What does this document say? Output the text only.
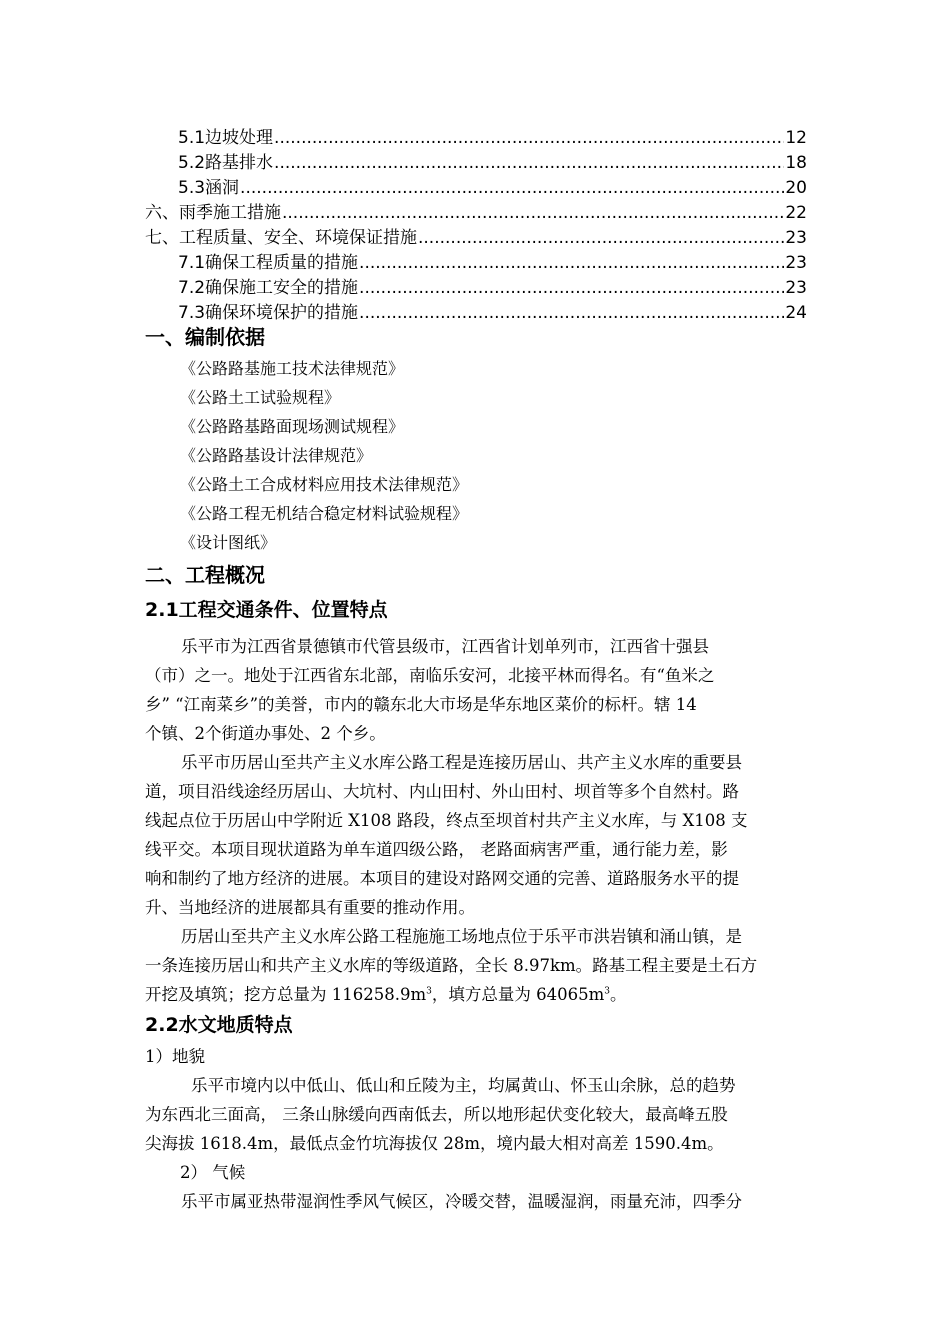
5.1边坡处理 .....	12
5.2路基排水 .....	18
5.3涵洞 .....	20
六、雨季施工措施 .....	22
七、工程质量、安全、环境保证措施 .....	23
7.1确保工程质量的措施 .....	23
7.2确保施工安全的措施 .....	23
7.3确保环境保护的措施 .....	24
一、编制依据
《公路路基施工技术法律规范》
《公路土工试验规程》
《公路路基路面现场测试规程》
《公路路基设计法律规范》
《公路土工合成材料应用技术法律规范》
《公路工程无机结合稳定材料试验规程》
《设计图纸》
二、工程概况
2.1工程交通条件、位置特点
乐平市为江西省景德镇市代管县级市，江西省计划单列市，江西省十强县
（市）之一。地处于江西省东北部，南临乐安河，北接平林而得名。有“鱼米之
乡” “江南菜乡”的美誉，市内的赣东北大市场是华东地区菜价的标杆。辖 14
个镇、2个街道办事处、2 个乡。
乐平市历居山至共产主义水库公路工程是连接历居山、共产主义水库的重要县
道，项目沿线途经历居山、大坑村、内山田村、外山田村、坝首等多个自然村。路
线起点位于历居山中学附近 X108 路段，终点至坝首村共产主义水库，与 X108 支
线平交。本项目现状道路为单车道四级公路， 老路面病害严重，通行能力差，影
响和制约了地方经济的进展。本项目的建设对路网交通的完善、道路服务水平的提
升、当地经济的进展都具有重要的推动作用。
历居山至共产主义水库公路工程施施工场地点位于乐平市洪岩镇和涌山镇，是
一条连接历居山和共产主义水库的等级道路，全长 8.97km。路基工程主要是土石方
开挖及填筑；挖方总量为 $116258.9m^3$，填方总量为 $64065m^3$。
2.2水文地质特点
1）地貌
乐平市境内以中低山、低山和丘陵为主，均属黄山、怀玉山余脉，总的趋势
为东西北三面高， 三条山脉缓向西南低去，所以地形起伏变化较大，最高峰五股
尖海拔 1618.4m，最低点金竹坑海拔仅 28m，境内最大相对高差 1590.4m。
2） 气候
乐平市属亚热带湿润性季风气候区，冷暖交替，温暖湿润，雨量充沛，四季分
